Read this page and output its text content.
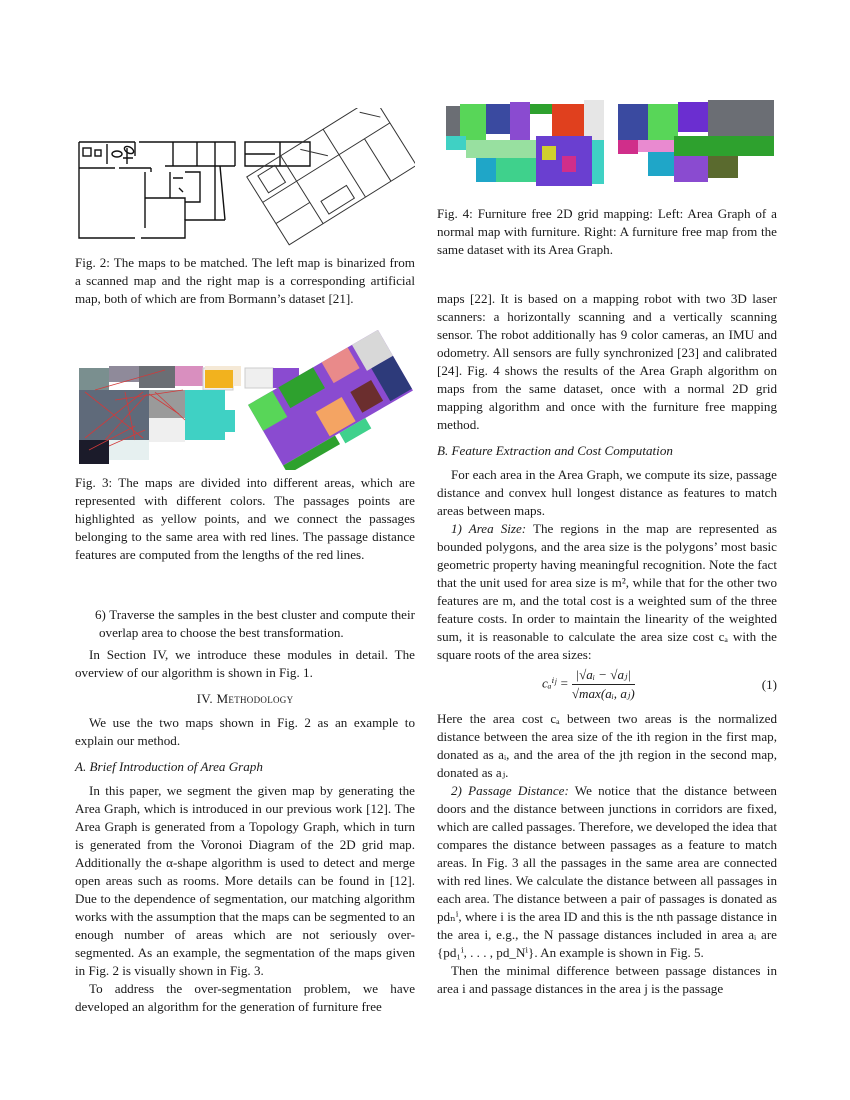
Fig. 2: The maps to be matched. The left map is binarized from a scanned map and the right map is a corresponding artificial map, both of which are from Bormann’s dataset [21].
Fig. 3: The maps are divided into different areas, which are represented with different colors. The passages points are highlighted as yellow points, and we connect the passages belonging to the same area with red lines. The passage distance features are computed from the lengths of the red lines.

6) Traverse the samples in the best cluster and compute their overlap area to choose the best transformation.

In Section IV, we introduce these modules in detail. The overview of our algorithm is shown in Fig. 1.

IV. Methodology

We use the two maps shown in Fig. 2 as an example to explain our method.

A. Brief Introduction of Area Graph

In this paper, we segment the given map by generating the Area Graph, which is introduced in our previous work [12]. The Area Graph is generated from a Topology Graph, which in turn is generated from the Voronoi Diagram of the 2D grid map. Additionally the α-shape algorithm is used to detect and merge open areas such as rooms. More details can be found in [12]. Due to the dependence of segmentation, our matching algorithm works with the assumption that the maps can be segmented to an enough number of areas which are not seriously over-segmented. As an example, the segmentation of the maps given in Fig. 2 is visually shown in Fig. 3.

To address the over-segmentation problem, we have developed an algorithm for the generation of furniture free

Fig. 4: Furniture free 2D grid mapping: Left: Area Graph of a normal map with furniture. Right: A furniture free map from the same dataset with its Area Graph.

maps [22]. It is based on a mapping robot with two 3D laser scanners: a horizontally scanning and a vertically scanning sensor. The robot additionally has 9 color cameras, an IMU and odometry. All sensors are fully synchronized [23] and calibrated [24]. Fig. 4 shows the results of the Area Graph algorithm on maps from the same dataset, once with a normal 2D grid mapping algorithm and once with the furniture free mapping method.

B. Feature Extraction and Cost Computation

For each area in the Area Graph, we compute its size, passage distance and convex hull longest distance as features to match areas between maps.

1) Area Size: The regions in the map are represented as bounded polygons, and the area size is the polygons’ most basic geometric property having meaningful recognition. Note the fact that the unit used for area size is m², while that for the other two features are m, and the total cost is a weighted sum of the three feature costs. In order to maintain the linearity of the weighted sum, it is reasonable to calculate the area size cost cₐ with the square roots of the area sizes:

cₐⁱʲ = $\frac{\text{|√aᵢ − √aⱼ|}}{\text{√max(aᵢ, aⱼ)}}$	(1)

Here the area cost cₐ between two areas is the normalized distance between the area size of the ith region in the first map, donated as aᵢ, and the area of the jth region in the second map, donated as aⱼ.

2) Passage Distance: We notice that the distance between doors and the distance between junctions in corridors are fixed, which are called passages. Therefore, we developed the idea that compares the distance between passages as a feature to match areas. In Fig. 3 all the passages in the same area are connected with red lines. We calculate the distance between all passages in each area. The distance between a pair of passages is donated as pdₙⁱ, where i is the area ID and this is the nth passage distance in the area i, e.g., the N passage distances included in area aᵢ are {pd₁ⁱ, . . . , pd_Nⁱ}. An example is shown in Fig. 5.

Then the minimal difference between passage distances in area i and passage distances in the area j is the passage
